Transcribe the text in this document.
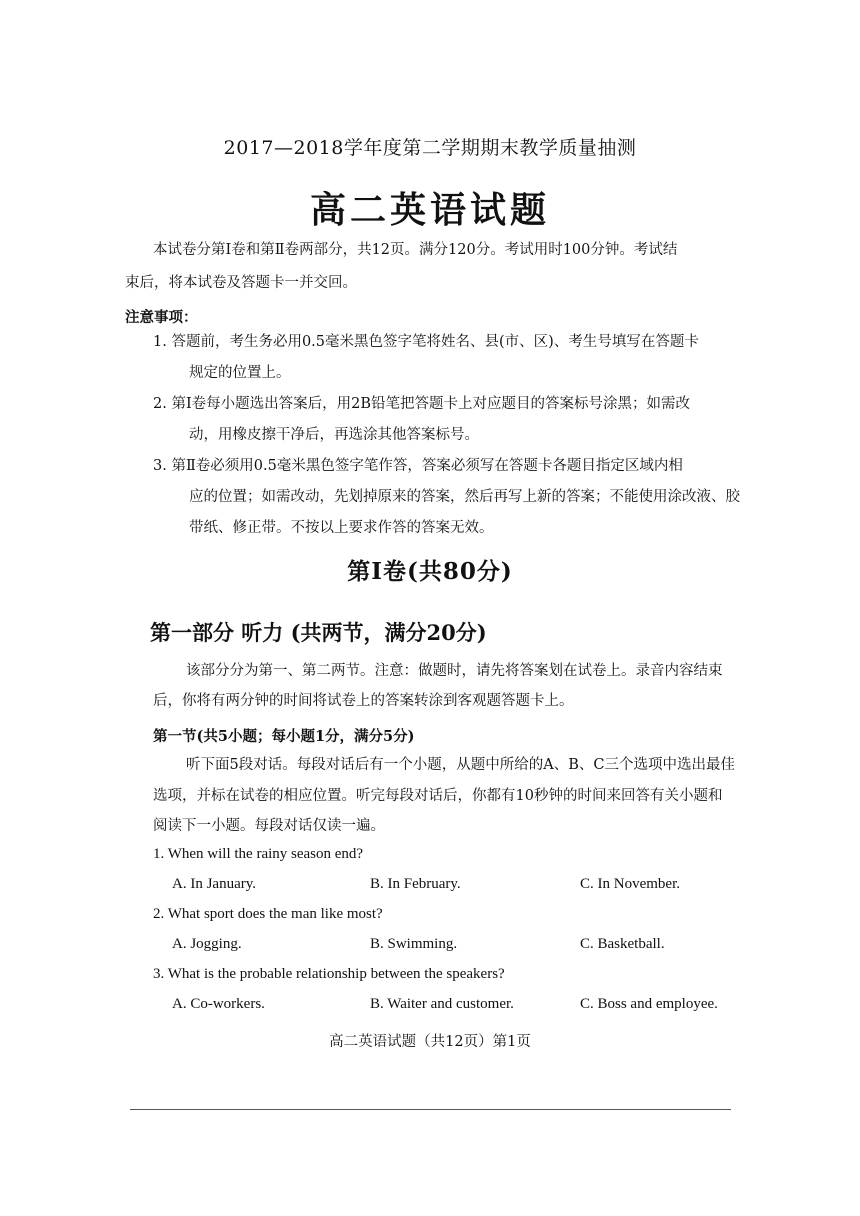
2017—2018学年度第二学期期末教学质量抽测
高二英语试题
本试卷分第Ⅰ卷和第Ⅱ卷两部分，共12页。满分120分。考试用时100分钟。考试结
束后，将本试卷及答题卡一并交回。
注意事项：
1. 答题前，考生务必用0.5毫米黑色签字笔将姓名、县(市、区)、考生号填写在答题卡
规定的位置上。
2. 第Ⅰ卷每小题选出答案后，用2B铅笔把答题卡上对应题目的答案标号涂黑；如需改
动，用橡皮擦干净后，再选涂其他答案标号。
3. 第Ⅱ卷必须用0.5毫米黑色签字笔作答，答案必须写在答题卡各题目指定区域内相
应的位置；如需改动，先划掉原来的答案，然后再写上新的答案；不能使用涂改液、胶
带纸、修正带。不按以上要求作答的答案无效。
第Ⅰ卷(共80分)
第一部分 听力 (共两节，满分20分)
该部分分为第一、第二两节。注意：做题时，请先将答案划在试卷上。录音内容结束
后，你将有两分钟的时间将试卷上的答案转涂到客观题答题卡上。
第一节(共5小题；每小题1分，满分5分)
听下面5段对话。每段对话后有一个小题，从题中所给的A、B、C三个选项中选出最佳
选项，并标在试卷的相应位置。听完每段对话后，你都有10秒钟的时间来回答有关小题和
阅读下一小题。每段对话仅读一遍。
1. When will the rainy season end?
A. In January.	B. In February.	C. In November.
2. What sport does the man like most?
A. Jogging.	B. Swimming.	C. Basketball.
3. What is the probable relationship between the speakers?
A. Co-workers.	B. Waiter and customer.	C. Boss and employee.
高二英语试题（共12页）第1页
